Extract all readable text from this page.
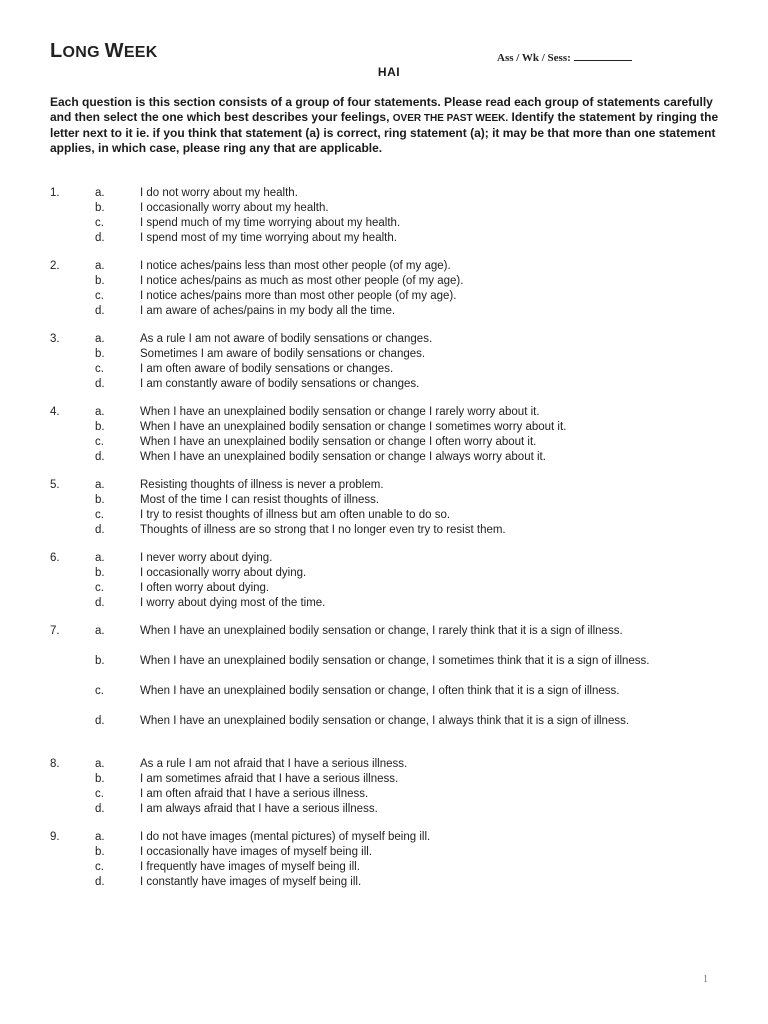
LONG WEEK	Ass / Wk / Sess:
HAI
Each question is this section consists of a group of four statements. Please read each group of statements carefully and then select the one which best describes your feelings, OVER THE PAST WEEK. Identify the statement by ringing the letter next to it ie. if you think that statement (a) is correct, ring statement (a); it may be that more than one statement applies, in which case, please ring any that are applicable.
1.	a.	I do not worry about my health.
b.	I occasionally worry about my health.
c.	I spend much of my time worrying about my health.
d.	I spend most of my time worrying about my health.
2.	a.	I notice aches/pains less than most other people (of my age).
b.	I notice aches/pains as much as most other people (of my age).
c.	I notice aches/pains more than most other people (of my age).
d.	I am aware of aches/pains in my body all the time.
3.	a.	As a rule I am not aware of bodily sensations or changes.
b.	Sometimes I am aware of bodily sensations or changes.
c.	I am often aware of bodily sensations or changes.
d.	I am constantly aware of bodily sensations or changes.
4.	a.	When I have an unexplained bodily sensation or change I rarely worry about it.
b.	When I have an unexplained bodily sensation or change I sometimes worry about it.
c.	When I have an unexplained bodily sensation or change I often worry about it.
d.	When I have an unexplained bodily sensation or change I always worry about it.
5.	a.	Resisting thoughts of illness is never a problem.
b.	Most of the time I can resist thoughts of illness.
c.	I try to resist thoughts of illness but am often unable to do so.
d.	Thoughts of illness are so strong that I no longer even try to resist them.
6.	a.	I never worry about dying.
b.	I occasionally worry about dying.
c.	I often worry about dying.
d.	I worry about dying most of the time.
7.	a.	When I have an unexplained bodily sensation or change, I rarely think that it is a sign of illness.
b.	When I have an unexplained bodily sensation or change, I sometimes think that it is a sign of illness.
c.	When I have an unexplained bodily sensation or change, I often think that it is a sign of illness.
d.	When I have an unexplained bodily sensation or change, I always think that it is a sign of illness.
8.	a.	As a rule I am not afraid that I have a serious illness.
b.	I am sometimes afraid that I have a serious illness.
c.	I am often afraid that I have a serious illness.
d.	I am always afraid that I have a serious illness.
9.	a.	I do not have images (mental pictures) of myself being ill.
b.	I occasionally have images of myself being ill.
c.	I frequently have images of myself being ill.
d.	I constantly have images of myself being ill.
1
